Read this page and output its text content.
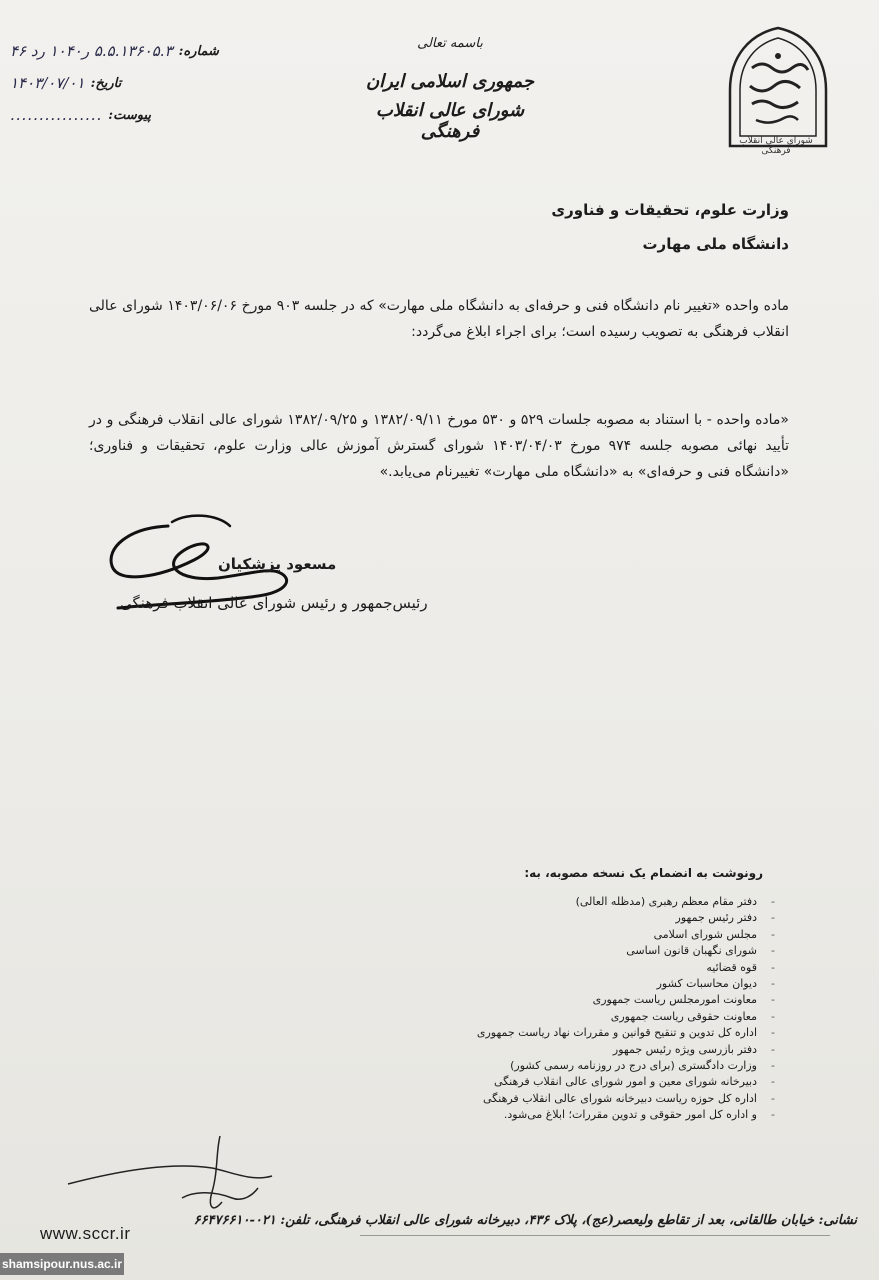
شورای عالی انقلاب فرهنگی
باسمه تعالی
جمهوری اسلامی ایران
شورای عالی انقلاب فرهنگی
شماره:
۵.۵.۱۳۶۰۵.۳ ر۱۰۴۰ رد ۴۶
تاریخ:
۱۴۰۳/۰۷/۰۱
پیوست:
................
وزارت علوم، تحقیقات و فناوری
دانشگاه ملی مهارت
ماده واحده «تغییر نام دانشگاه فنی و حرفه‌ای به دانشگاه ملی مهارت» که در جلسه ۹۰۳ مورخ ۱۴۰۳/۰۶/۰۶ شورای عالی انقلاب فرهنگی به تصویب رسیده است؛ برای اجراء ابلاغ می‌گردد:
«ماده واحده - با استناد به مصوبه جلسات ۵۲۹ و ۵۳۰ مورخ ۱۳۸۲/۰۹/۱۱ و ۱۳۸۲/۰۹/۲۵ شورای عالی انقلاب فرهنگی و در تأیید نهائی مصوبه جلسه ۹۷۴ مورخ ۱۴۰۳/۰۴/۰۳ شورای گسترش آموزش عالی وزارت علوم، تحقیقات و فناوری؛ «دانشگاه فنی و حرفه‌ای» به «دانشگاه ملی مهارت» تغییرنام می‌یابد.»
مسعود پزشکیان
رئیس‌جمهور و رئیس شورای عالی انقلاب فرهنگی
رونوشت به انضمام یک نسخه مصوبه، به:
دفتر مقام معظم رهبری (مدظله العالی) -
دفتر رئیس جمهور -
مجلس شورای اسلامی -
شورای نگهبان قانون اساسی -
قوه قضائیه -
دیوان محاسبات کشور -
معاونت امورمجلس ریاست جمهوری -
معاونت حقوقی ریاست جمهوری -
اداره کل تدوین و تنقیح قوانین و مقررات نهاد ریاست جمهوری -
دفتر بازرسی ویژه رئیس جمهور -
وزارت دادگستری (برای درج در روزنامه رسمی کشور) -
دبیرخانه شورای معین و امور شورای عالی انقلاب فرهنگی -
اداره کل حوزه ریاست دبیرخانه شورای عالی انقلاب فرهنگی -
و اداره کل امور حقوقی و تدوین مقررات؛ ابلاغ می‌شود. -
نشانی: خیابان طالقانی، بعد از تقاطع ولیعصر(عج)، پلاک ۴۳۶، دبیرخانه شورای عالی انقلاب فرهنگی، تلفن: ۰۲۱-۶۶۴۷۶۶۱۰
www.sccr.ir
shamsipour.nus.ac.ir
